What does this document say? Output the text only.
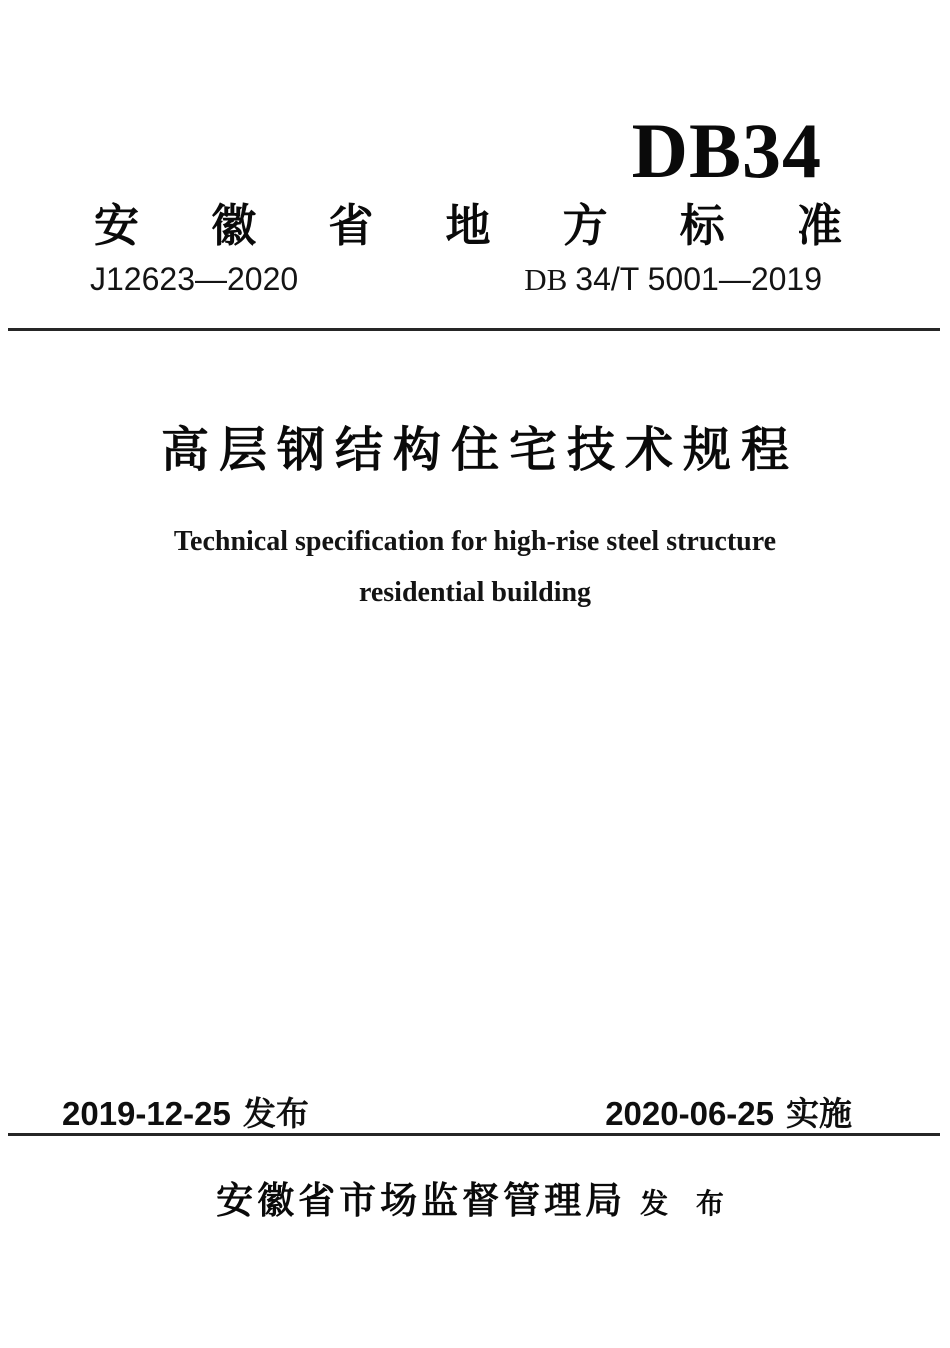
DB34
安 徽 省 地 方 标 准
J12623—2020	DB 34/T 5001—2019
高层钢结构住宅技术规程
Technical specification for high-rise steel structure
residential building
2019-12-25 发布	2020-06-25 实施
安徽省市场监督管理局 发 布
